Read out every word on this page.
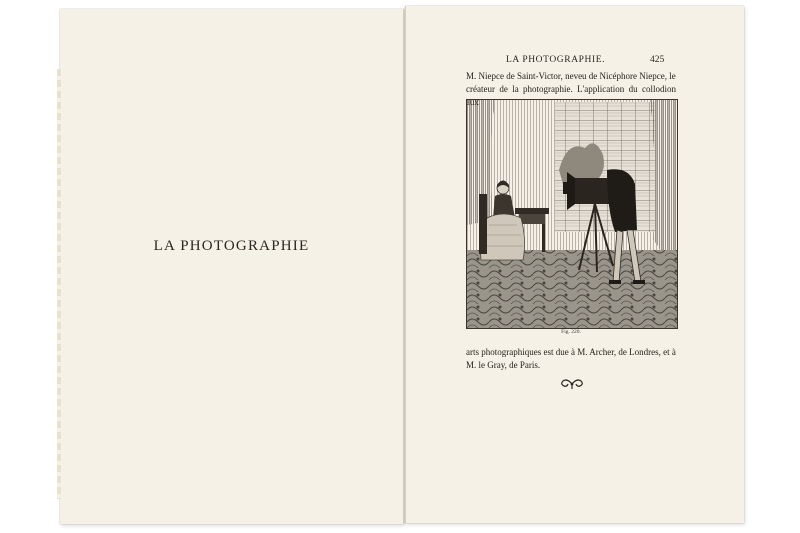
LA PHOTOGRAPHIE
LA PHOTOGRAPHIE.	425
M. Niepce de Saint-Victor, neveu de Nicéphore Niepce, le
créateur de la photographie. L'application du collodion
Fig. 220.
arts photographiques est due à M. Archer, de Londres, et à
M. le Gray, de Paris.
